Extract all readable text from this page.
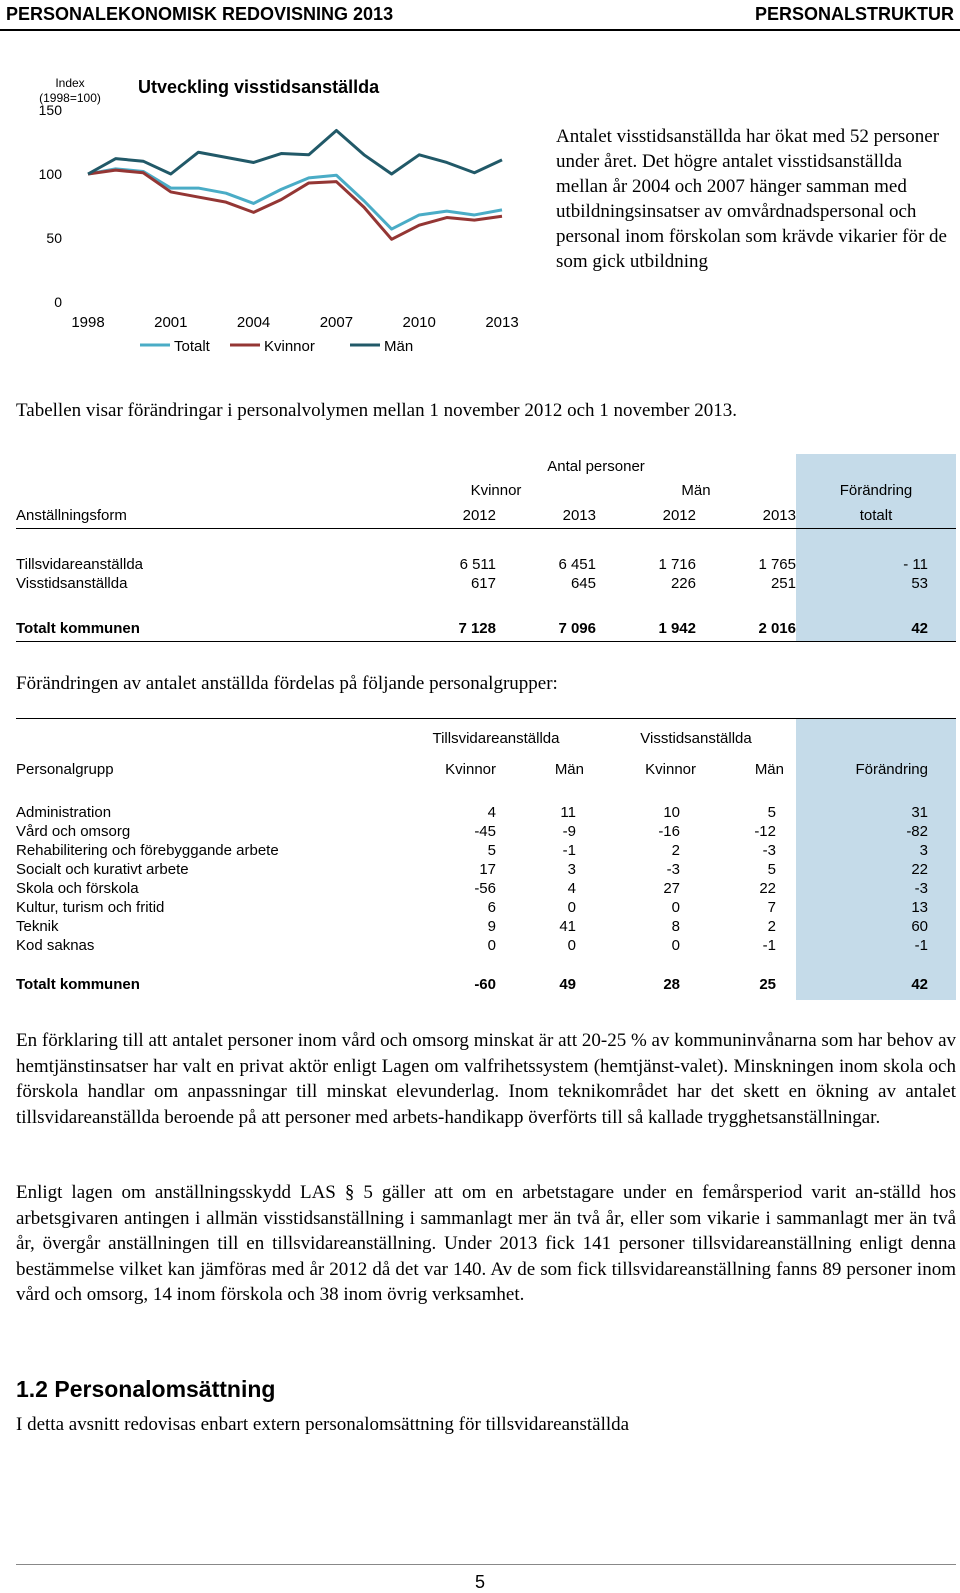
PERSONALEKONOMISK REDOVISNING 2013	PERSONALSTRUKTUR
Utveckling visstidsanställda
Index
(1998=100)
0
50
100
150
1998	2001	2004	2007	2010	2013
Totalt	Kvinnor	Män
Antalet visstidsanställda har ökat med 52 personer under året. Det högre antalet visstidsanställda mellan år 2004 och 2007 hänger samman med utbildningsinsatser av omvårdnadspersonal och personal inom förskolan som krävde vikarier för de som gick utbildning
Tabellen visar förändringar i personalvolymen mellan 1 november 2012 och 1 november 2013.
	Antal personer				
	Kvinnor		Män		Förändring
Anställningsform	2012	2013	2012	2013	totalt

Tillsvidareanställda	6 511	6 451	1 716	1 765	- 11
Visstidsanställda	617	645	226	251	53

Totalt kommunen	7 128	7 096	1 942	2 016	42
Förändringen av antalet anställda fördelas på följande personalgrupper:

	Tillsvidareanställda		Visstidsanställda		
Personalgrupp	Kvinnor	Män	Kvinnor	Män	Förändring

Administration	4	11	10	5	31
Vård och omsorg	-45	-9	-16	-12	-82
Rehabilitering och förebyggande arbete	5	-1	2	-3	3
Socialt och kurativt arbete	17	3	-3	5	22
Skola och förskola	-56	4	27	22	-3
Kultur, turism och fritid	6	0	0	7	13
Teknik	9	41	8	2	60
Kod saknas	0	0	0	-1	-1

Totalt kommunen	-60	49	28	25	42

En förklaring till att antalet personer inom vård och omsorg minskat är att 20-25 % av kommuninvånarna som har behov av hemtjänstinsatser har valt en privat aktör enligt Lagen om valfrihetssystem (hemtjänst-valet). Minskningen inom skola och förskola handlar om anpassningar till minskat elevunderlag. Inom teknikområdet har det skett en ökning av antalet tillsvidareanställda beroende på att personer med arbets-handikapp överförts till så kallade trygghetsanställningar.
Enligt lagen om anställningsskydd LAS § 5 gäller att om en arbetstagare under en femårsperiod varit an-ställd hos arbetsgivaren antingen i allmän visstidsanställning i sammanlagt mer än två år, eller som vikarie i sammanlagt mer än två år, övergår anställningen till en tillsvidareanställning. Under 2013 fick 141 personer tillsvidareanställning enligt denna bestämmelse vilket kan jämföras med år 2012 då det var 140. Av de som fick tillsvidareanställning fanns 89 personer inom vård och omsorg, 14 inom förskola och 38 inom övrig verksamhet.
1.2 Personalomsättning
I detta avsnitt redovisas enbart extern personalomsättning för tillsvidareanställda
5
